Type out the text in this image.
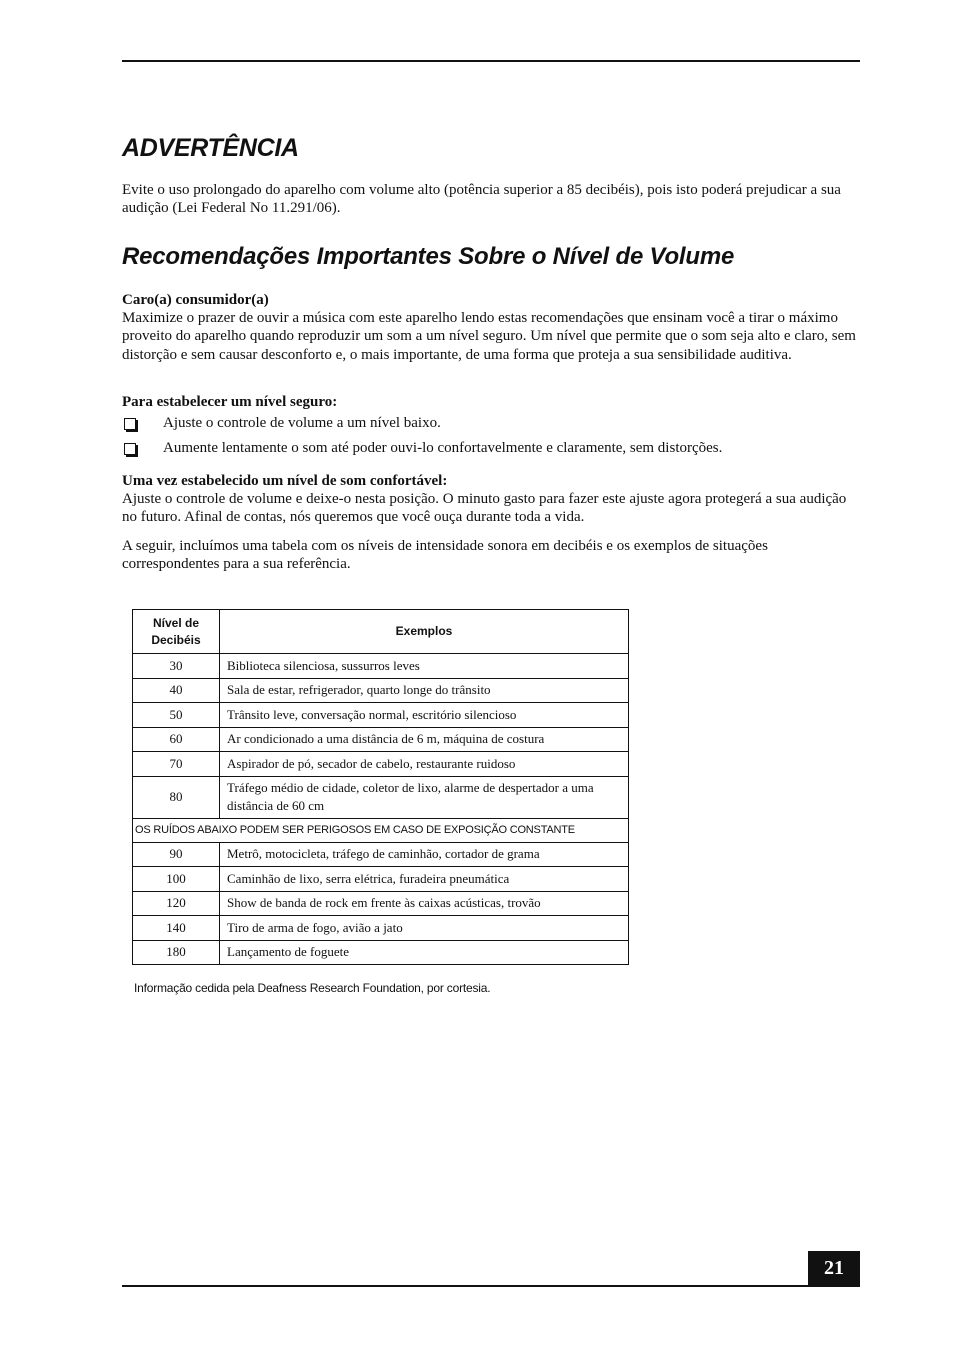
ADVERTÊNCIA

Evite o uso prolongado do aparelho com volume alto (potência superior a 85 decibéis), pois isto poderá prejudicar a sua audição (Lei Federal No 11.291/06).

Recomendações Importantes Sobre o Nível de Volume

Caro(a) consumidor(a)

Maximize o prazer de ouvir a música com este aparelho lendo estas recomendações que ensinam você a tirar o máximo proveito do aparelho quando reproduzir um som a um nível seguro. Um nível que permite que o som seja alto e claro, sem distorção e sem causar desconforto e, o mais importante, de uma forma que proteja a sua sensibilidade auditiva.

Para estabelecer um nível seguro:

Ajuste o controle de volume a um nível baixo.
Aumente lentamente o som até poder ouvi-lo confortavelmente e claramente, sem distorções.

Uma vez estabelecido um nível de som confortável:

Ajuste o controle de volume e deixe-o nesta posição. O minuto gasto para fazer este ajuste agora protegerá a sua audição no futuro. Afinal de contas, nós queremos que você ouça durante toda a vida.

A seguir, incluímos uma tabela com os níveis de intensidade sonora em decibéis e os exemplos de situações correspondentes para a sua referência.

Nível de Decibéis	Exemplos
30	Biblioteca silenciosa, sussurros leves
40	Sala de estar, refrigerador, quarto longe do trânsito
50	Trânsito leve, conversação normal, escritório silencioso
60	Ar condicionado a uma distância de 6 m, máquina de costura
70	Aspirador de pó, secador de cabelo, restaurante ruidoso
80	Tráfego médio de cidade, coletor de lixo, alarme de despertador a uma distância de 60 cm
OS RUÍDOS ABAIXO PODEM SER PERIGOSOS EM CASO DE EXPOSIÇÃO CONSTANTE	
90	Metrô, motocicleta, tráfego de caminhão, cortador de grama
100	Caminhão de lixo, serra elétrica, furadeira pneumática
120	Show de banda de rock em frente às caixas acústicas, trovão
140	Tiro de arma de fogo, avião a jato
180	Lançamento de foguete
Informação cedida pela Deafness Research Foundation, por cortesia.
21
